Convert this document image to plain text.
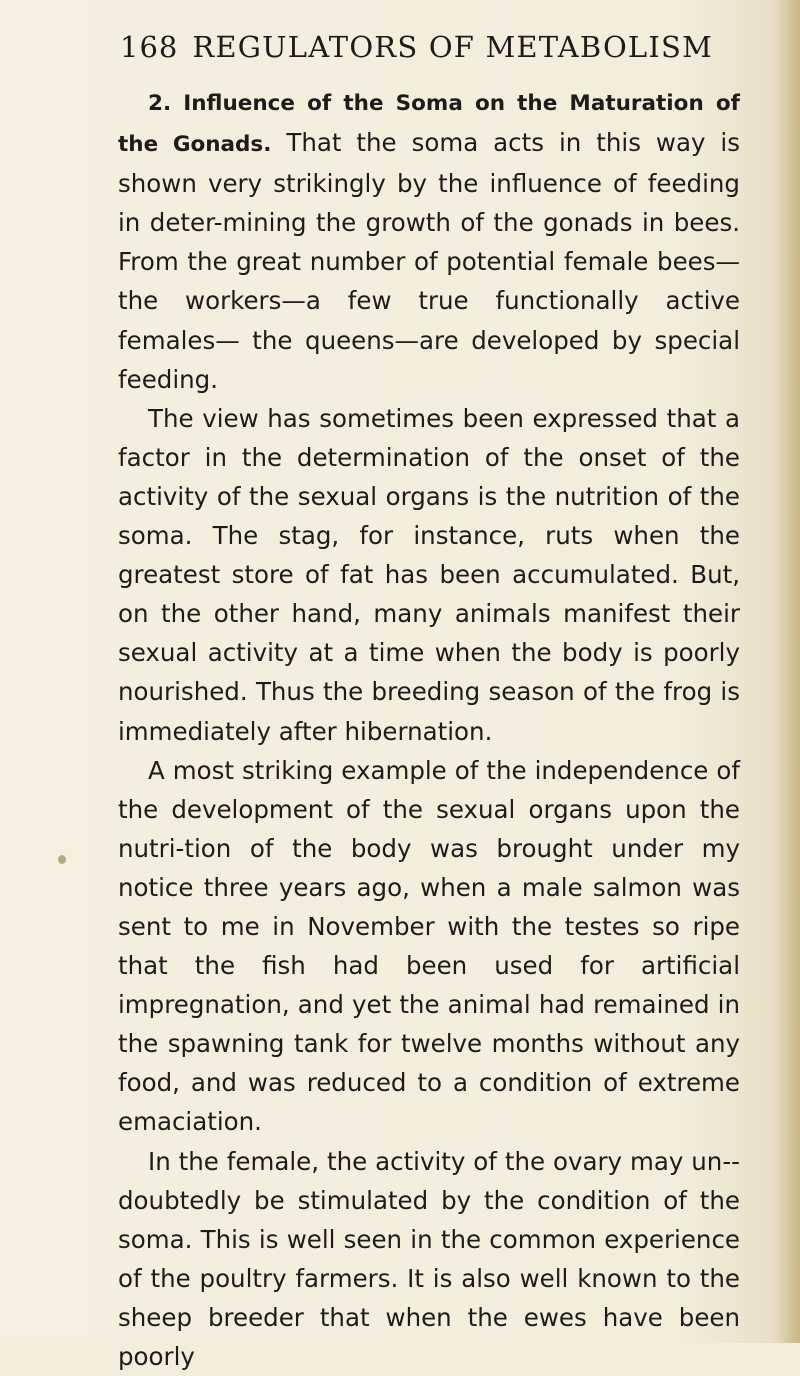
168 REGULATORS OF METABOLISM

2. Influence of the Soma on the Maturation of the Gonads. That the soma acts in this way is shown very strikingly by the influence of feeding in deter-mining the growth of the gonads in bees. From the great number of potential female bees—the workers—a few true functionally active females— the queens—are developed by special feeding.

The view has sometimes been expressed that a factor in the determination of the onset of the activity of the sexual organs is the nutrition of the soma. The stag, for instance, ruts when the greatest store of fat has been accumulated. But, on the other hand, many animals manifest their sexual activity at a time when the body is poorly nourished. Thus the breeding season of the frog is immediately after hibernation.

A most striking example of the independence of the development of the sexual organs upon the nutri-tion of the body was brought under my notice three years ago, when a male salmon was sent to me in November with the testes so ripe that the fish had been used for artificial impregnation, and yet the animal had remained in the spawning tank for twelve months without any food, and was reduced to a condition of extreme emaciation.

In the female, the activity of the ovary may un-doubtedly be stimulated by the condition of the soma. This is well seen in the common experience of the poultry farmers. It is also well known to the sheep breeder that when the ewes have been poorly
